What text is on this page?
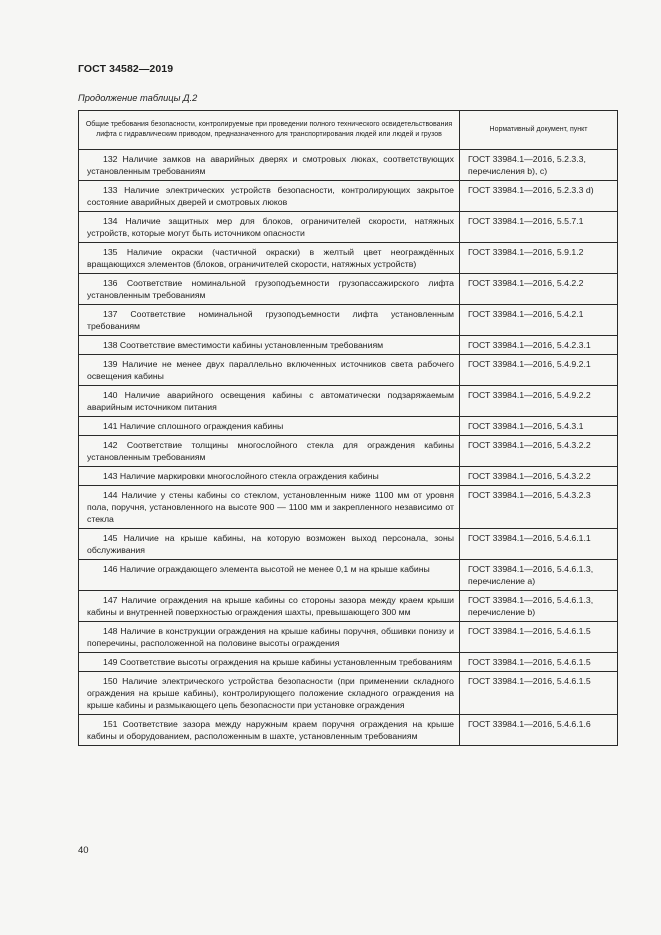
ГОСТ 34582—2019
Продолжение таблицы Д.2
Общие требования безопасности, контролируемые при проведении полного технического освидетельствования лифта с гидравлическим приводом, предназначенного для транспортирования людей или людей и грузов	Нормативный документ, пункт
132 Наличие замков на аварийных дверях и смотровых люках, соответствующих установленным требованиям	ГОСТ 33984.1—2016, 5.2.3.3, перечисления b), c)
133 Наличие электрических устройств безопасности, контролирующих закрытое состояние аварийных дверей и смотровых люков	ГОСТ 33984.1—2016, 5.2.3.3 d)
134 Наличие защитных мер для блоков, ограничителей скорости, натяжных устройств, которые могут быть источником опасности	ГОСТ 33984.1—2016, 5.5.7.1
135 Наличие окраски (частичной окраски) в желтый цвет неограждённых вращающихся элементов (блоков, ограничителей скорости, натяжных устройств)	ГОСТ 33984.1—2016, 5.9.1.2
136 Соответствие номинальной грузоподъемности грузопассажирского лифта установленным требованиям	ГОСТ 33984.1—2016, 5.4.2.2
137 Соответствие номинальной грузоподъемности лифта установленным требованиям	ГОСТ 33984.1—2016, 5.4.2.1
138 Соответствие вместимости кабины установленным требованиям	ГОСТ 33984.1—2016, 5.4.2.3.1
139 Наличие не менее двух параллельно включенных источников света рабочего освещения кабины	ГОСТ 33984.1—2016, 5.4.9.2.1
140 Наличие аварийного освещения кабины с автоматически подзаряжаемым аварийным источником питания	ГОСТ 33984.1—2016, 5.4.9.2.2
141 Наличие сплошного ограждения кабины	ГОСТ 33984.1—2016, 5.4.3.1
142 Соответствие толщины многослойного стекла для ограждения кабины установленным требованиям	ГОСТ 33984.1—2016, 5.4.3.2.2
143 Наличие маркировки многослойного стекла ограждения кабины	ГОСТ 33984.1—2016, 5.4.3.2.2
144 Наличие у стены кабины со стеклом, установленным ниже 1100 мм от уровня пола, поручня, установленного на высоте 900 — 1100 мм и закрепленного независимо от стекла	ГОСТ 33984.1—2016, 5.4.3.2.3
145 Наличие на крыше кабины, на которую возможен выход персонала, зоны обслуживания	ГОСТ 33984.1—2016, 5.4.6.1.1
146 Наличие ограждающего элемента высотой не менее 0,1 м на крыше кабины	ГОСТ 33984.1—2016, 5.4.6.1.3, перечисление а)
147 Наличие ограждения на крыше кабины со стороны зазора между краем крыши кабины и внутренней поверхностью ограждения шахты, превышающего 300 мм	ГОСТ 33984.1—2016, 5.4.6.1.3, перечисление b)
148 Наличие в конструкции ограждения на крыше кабины поручня, обшивки понизу и поперечины, расположенной на половине высоты ограждения	ГОСТ 33984.1—2016, 5.4.6.1.5
149 Соответствие высоты ограждения на крыше кабины установленным требованиям	ГОСТ 33984.1—2016, 5.4.6.1.5
150 Наличие электрического устройства безопасности (при применении складного ограждения на крыше кабины), контролирующего положение складного ограждения на крыше кабины и размыкающего цепь безопасности при установке ограждения	ГОСТ 33984.1—2016, 5.4.6.1.5
151 Соответствие зазора между наружным краем поручня ограждения на крыше кабины и оборудованием, расположенным в шахте, установленным требованиям	ГОСТ 33984.1—2016, 5.4.6.1.6
40
